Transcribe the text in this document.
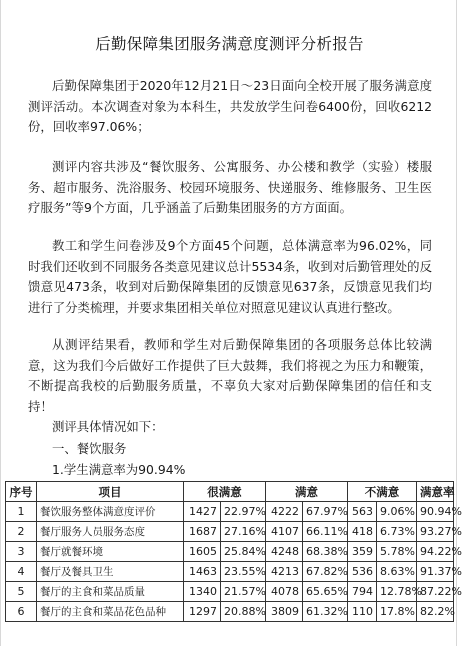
后勤保障集团服务满意度测评分析报告

后勤保障集团于2020年12月21日～23日面向全校开展了服务满意度测评活动。本次调查对象为本科生，共发放学生问卷6400份，回收6212份，回收率97.06%；

测评内容共涉及“餐饮服务、公寓服务、办公楼和教学（实验）楼服务、超市服务、洗浴服务、校园环境服务、快递服务、维修服务、卫生医疗服务”等9个方面，几乎涵盖了后勤集团服务的方方面面。

教工和学生问卷涉及9个方面45个问题，总体满意率为96.02%，同时我们还收到不同服务各类意见建议总计5534条，收到对后勤管理处的反馈意见473条，收到对后勤保障集团的反馈意见637条，反馈意见我们均进行了分类梳理，并要求集团相关单位对照意见建议认真进行整改。

从测评结果看，教师和学生对后勤保障集团的各项服务总体比较满意，这为我们今后做好工作提供了巨大鼓舞，我们将视之为压力和鞭策，不断提高我校的后勤服务质量，不辜负大家对后勤保障集团的信任和支持！

测评具体情况如下：

一、餐饮服务

1.学生满意率为90.94%

序号	项目	很满意		满意		不满意		满意率
1	餐饮服务整体满意度评价	1427	22.97%	4222	67.97%	563	9.06%	90.94%
2	餐厅服务人员服务态度	1687	27.16%	4107	66.11%	418	6.73%	93.27%
3	餐厅就餐环境	1605	25.84%	4248	68.38%	359	5.78%	94.22%
4	餐厅及餐具卫生	1463	23.55%	4213	67.82%	536	8.63%	91.37%
5	餐厅的主食和菜品质量	1340	21.57%	4078	65.65%	794	12.78%	87.22%
6	餐厅的主食和菜品花色品种	1297	20.88%	3809	61.32%	110	17.8%	82.2%
